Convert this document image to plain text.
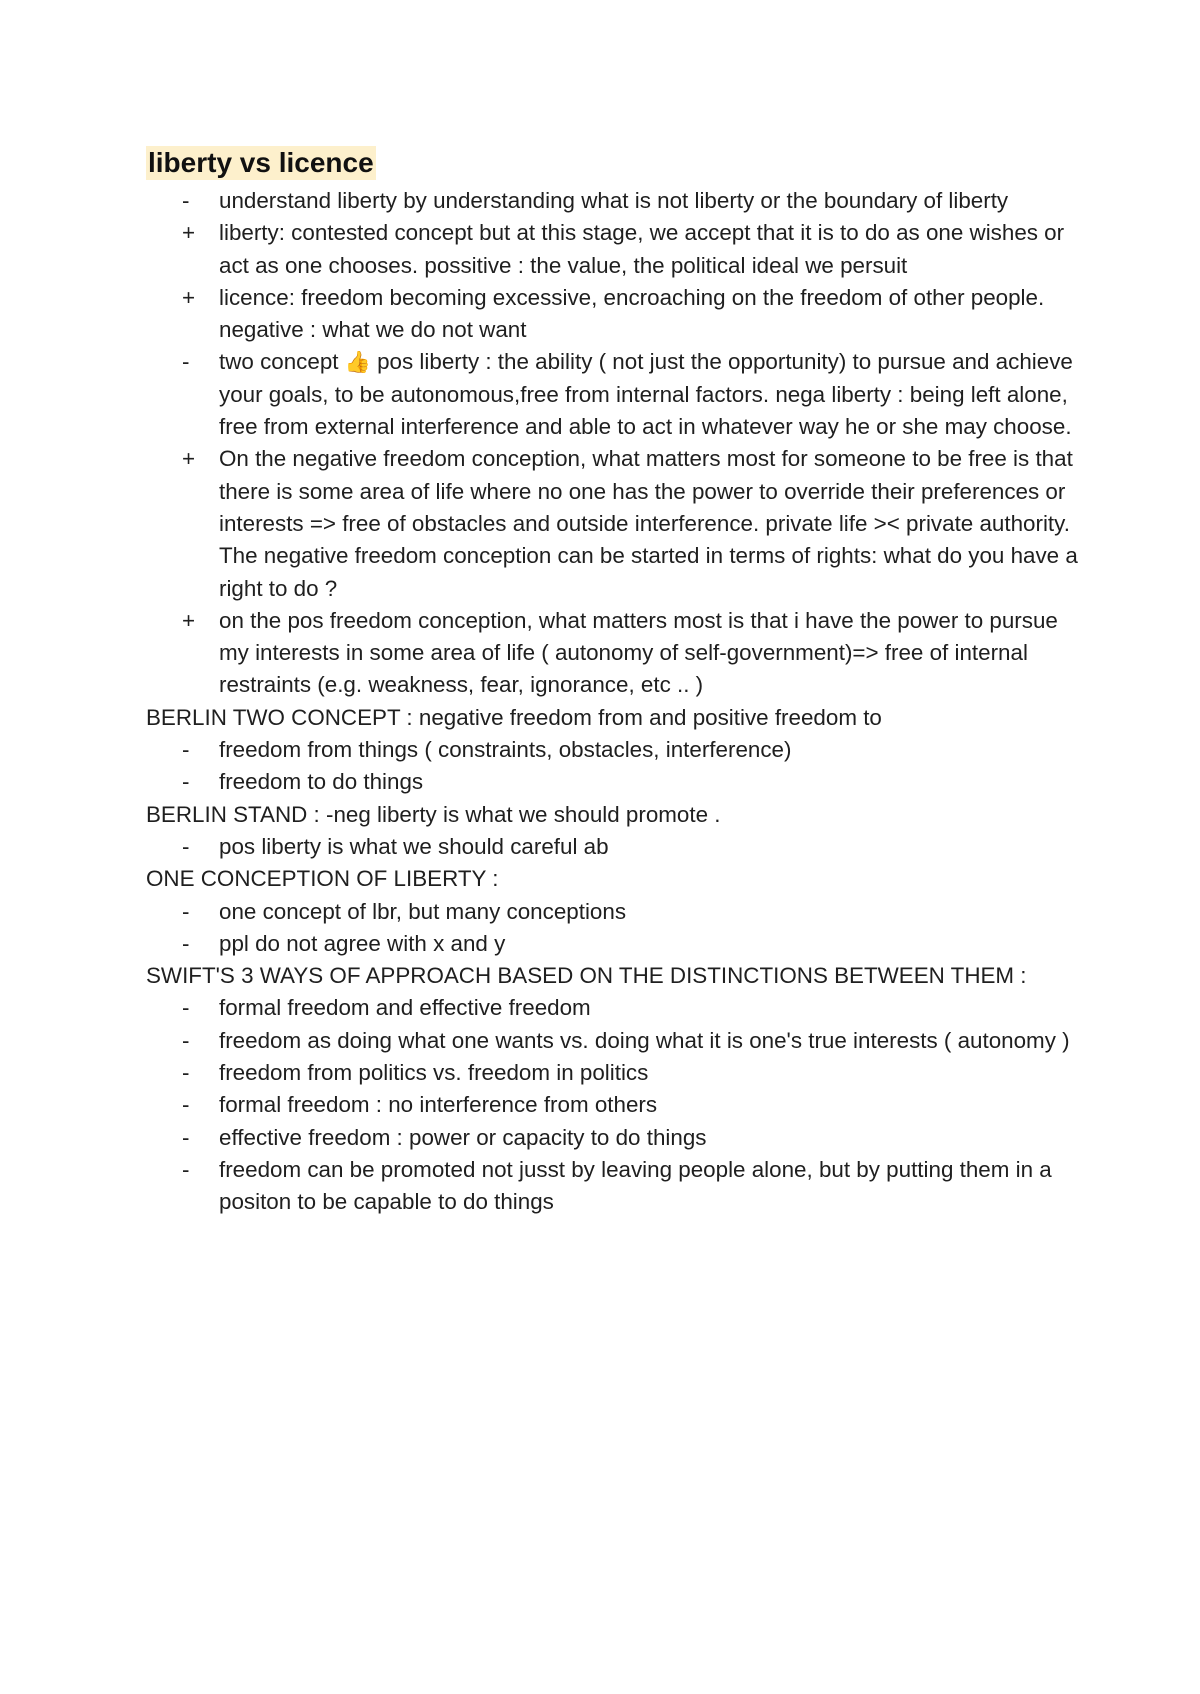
liberty vs licence
-	understand liberty by understanding what is not liberty or the boundary of liberty
+	liberty: contested concept but at this stage, we accept that it is to do as one wishes or act as one chooses. possitive : the value, the political ideal we persuit
+	licence: freedom becoming excessive, encroaching on the freedom of other people. negative : what we do not want
-	two concept 👍 pos liberty : the ability ( not just the opportunity) to pursue and achieve your goals, to be autonomous,free from internal factors. nega liberty : being left alone, free from external interference and able to act in whatever way he or she may choose.
+	On the negative freedom conception, what matters most for someone to be free is that there is some area of life where no one has the power to override their preferences or interests => free of obstacles and outside interference. private life >< private authority. The negative freedom conception can be started in terms of rights: what do you have a right to do ?
+	on the pos freedom conception, what matters most is that i have the power to pursue my interests in some area of life ( autonomy of self-government)=> free of internal restraints (e.g. weakness, fear, ignorance, etc .. )
BERLIN TWO CONCEPT : negative freedom from and positive freedom to
-	freedom from things ( constraints, obstacles, interference)
-	freedom to do things
BERLIN STAND : -neg liberty is what we should promote .
-	pos liberty is what we should careful ab
ONE CONCEPTION OF LIBERTY :
-	one concept of lbr, but many conceptions
-	ppl do not agree with x and y
SWIFT'S 3 WAYS OF APPROACH BASED ON THE DISTINCTIONS BETWEEN THEM :
-	formal freedom and effective freedom
-	freedom as doing what one wants vs. doing what it is one's true interests ( autonomy )
-	freedom from politics vs. freedom in politics
-	formal freedom : no interference from others
-	effective freedom : power or capacity to do things
-	freedom can be promoted not jusst by leaving people alone, but by putting them in a positon to be capable to do things
